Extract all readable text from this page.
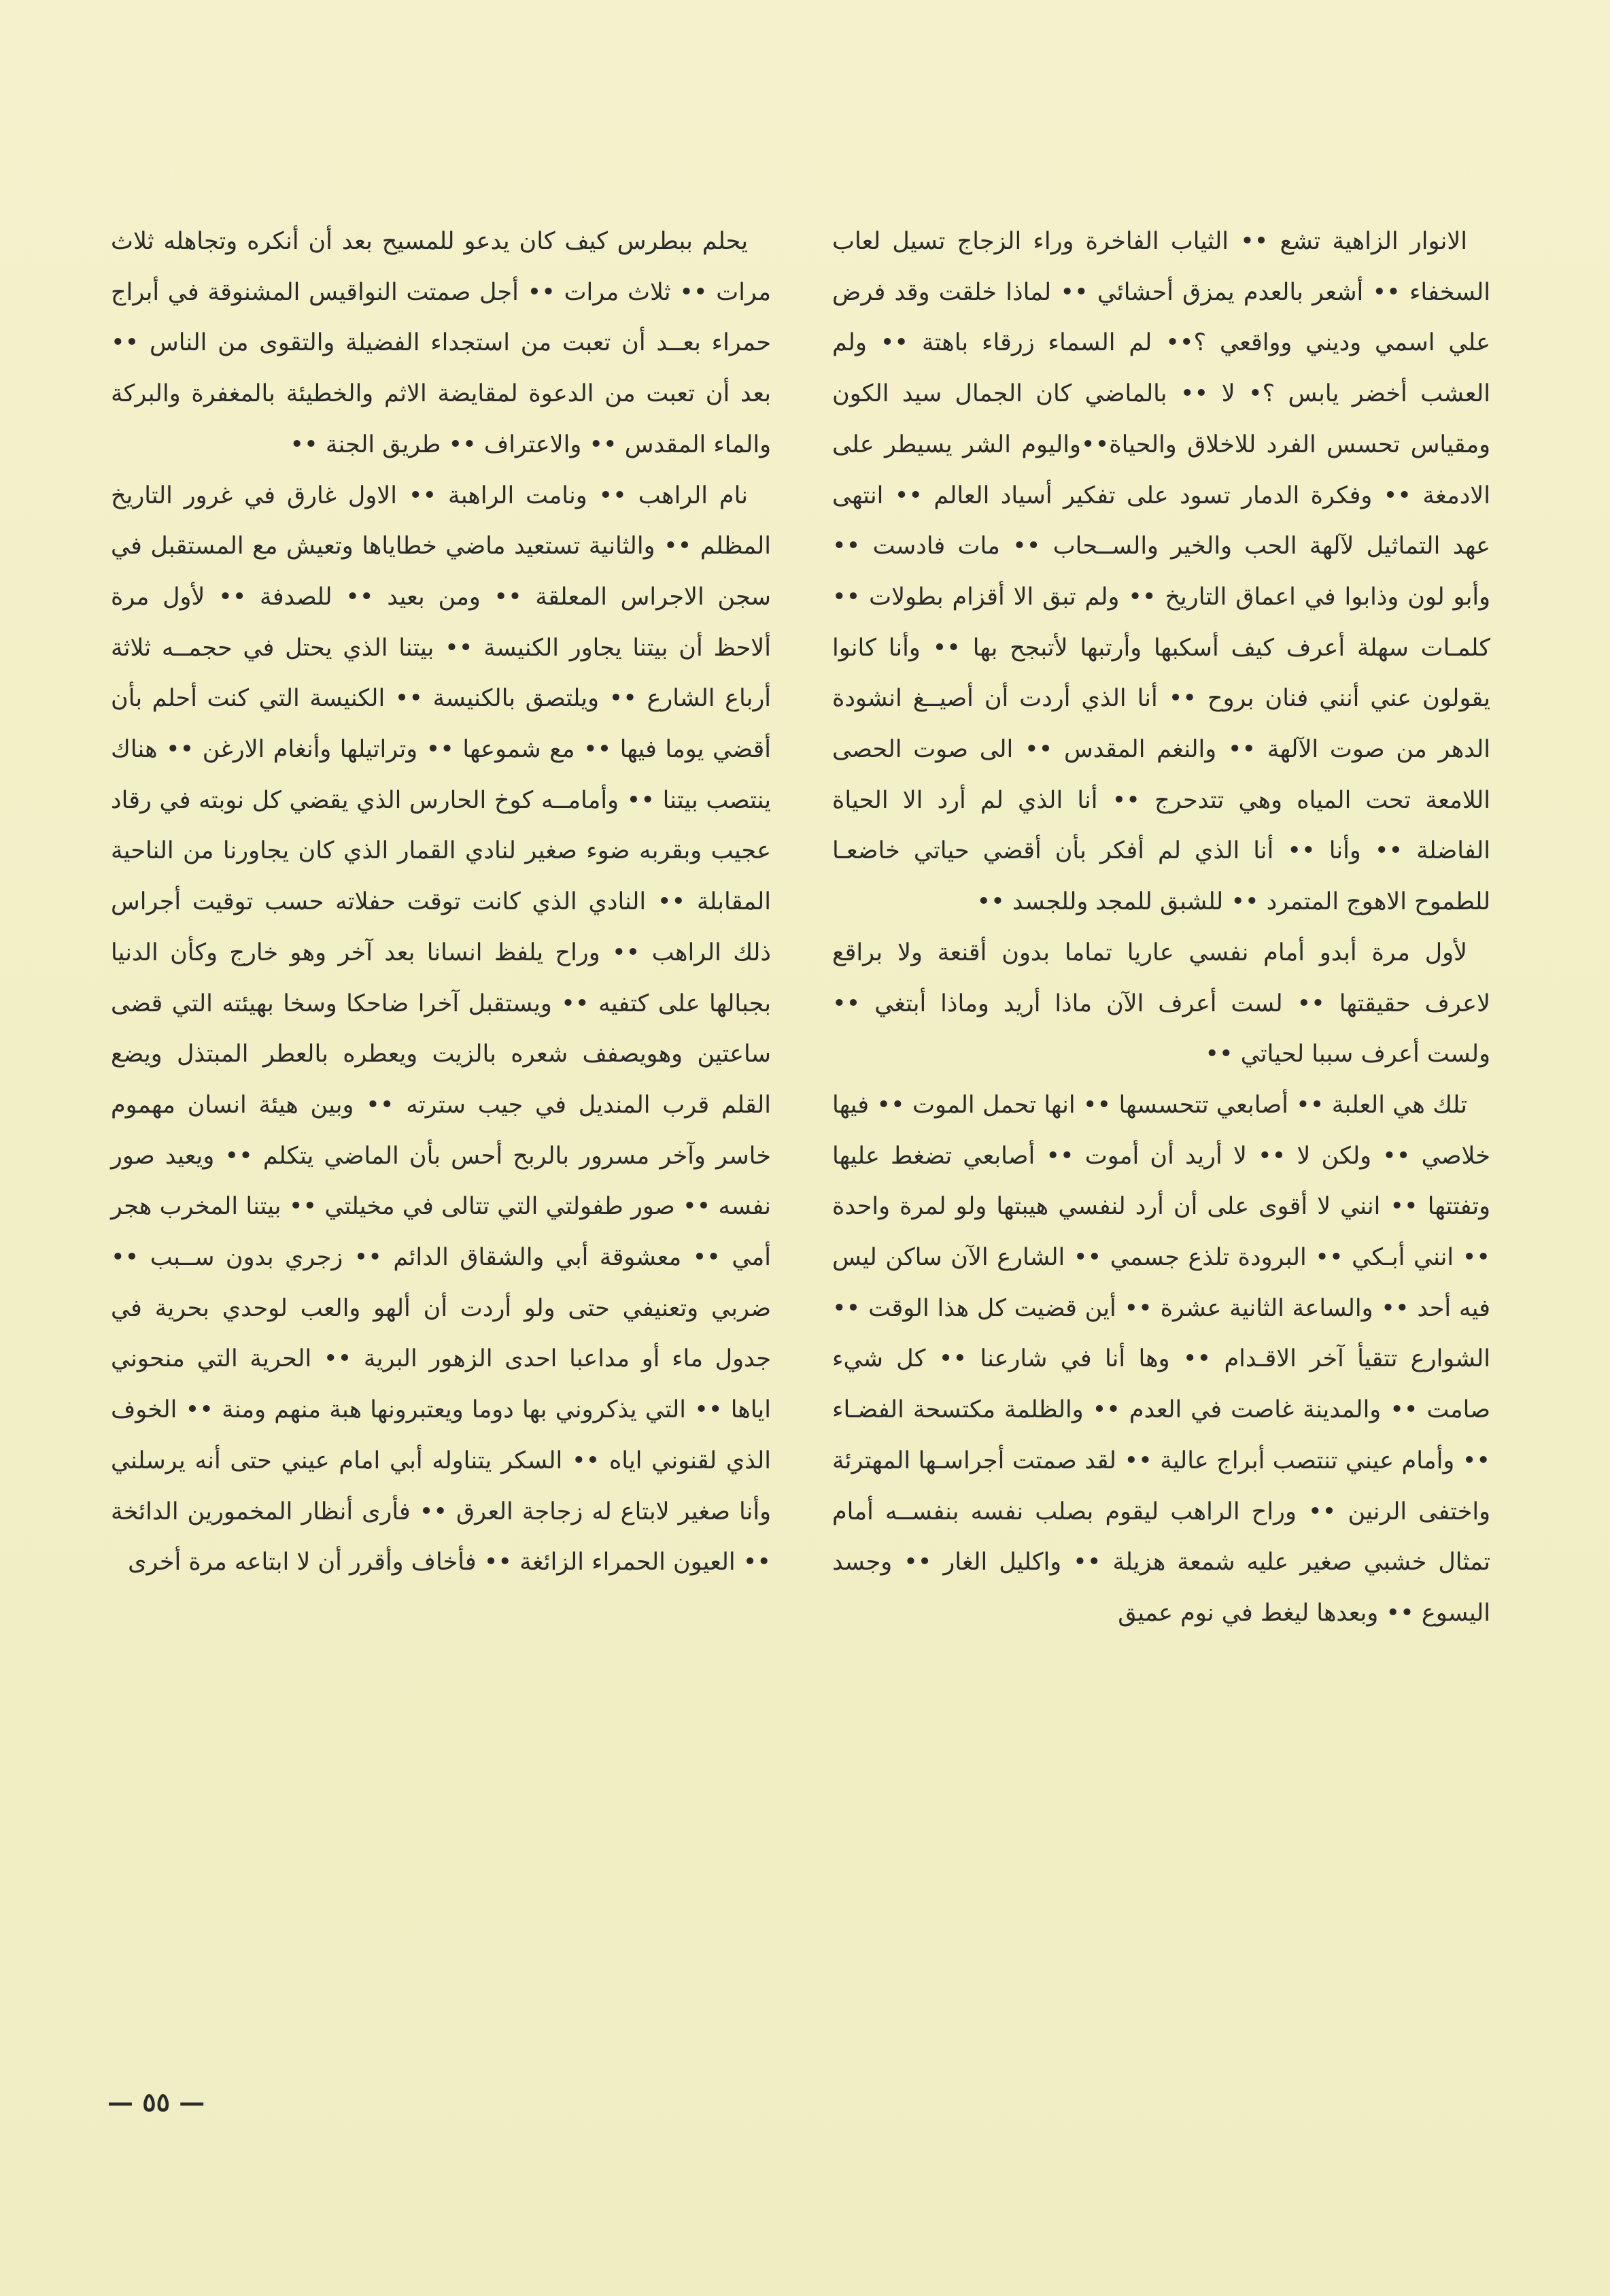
الانوار الزاهية تشع •• الثياب الفاخرة وراء الزجاج تسيل لعاب السخفاء •• أشعر بالعدم يمزق أحشائي •• لماذا خلقت وقد فرض علي اسمي وديني وواقعي ؟•• لم السماء زرقاء باهتة •• ولم العشب أخضر يابس ؟• لا •• بالماضي كان الجمال سيد الكون ومقياس تحسس الفرد للاخلاق والحياة••واليوم الشر يسيطر على الادمغة •• وفكرة الدمار تسود على تفكير أسياد العالم •• انتهى عهد التماثيل لآلهة الحب والخير والســحاب •• مات فادست •• وأبو لون وذابوا في اعماق التاريخ •• ولم تبق الا أقزام بطولات •• كلمـات سهلة أعرف كيف أسكبها وأرتبها لأتبجح بها •• وأنا كانوا يقولون عني أنني فنان بروح •• أنا الذي أردت أن أصيــغ انشودة الدهر من صوت الآلهة •• والنغم المقدس •• الى صوت الحصى اللامعة تحت المياه وهي تتدحرج •• أنا الذي لم أرد الا الحياة الفاضلة •• وأنا •• أنا الذي لم أفكر بأن أقضي حياتي خاضعـا للطموح الاهوج المتمرد •• للشبق للمجد وللجسد ••

لأول مرة أبدو أمام نفسي عاريا تماما بدون أقنعة ولا براقع لاعرف حقيقتها •• لست أعرف الآن ماذا أريد وماذا أبتغي •• ولست أعرف سببا لحياتي ••

تلك هي العلبة •• أصابعي تتحسسها •• انها تحمل الموت •• فيها خلاصي •• ولكن لا •• لا أريد أن أموت •• أصابعي تضغط عليها وتفتتها •• انني لا أقوى على أن أرد لنفسي هيبتها ولو لمرة واحدة •• انني أبـكي •• البرودة تلذع جسمي •• الشارع الآن ساكن ليس فيه أحد •• والساعة الثانية عشرة •• أين قضيت كل هذا الوقت •• الشوارع تتقيأ آخر الاقـدام •• وها أنا في شارعنا •• كل شيء صامت •• والمدينة غاصت في العدم •• والظلمة مكتسحة الفضـاء •• وأمام عيني تنتصب أبراج عالية •• لقد صمتت أجراسـها المهترئة واختفى الرنين •• وراح الراهب ليقوم بصلب نفسه بنفســه أمام تمثال خشبي صغير عليه شمعة هزيلة •• واكليل الغار •• وجسد اليسوع •• وبعدها ليغط في نوم عميق

يحلم ببطرس كيف كان يدعو للمسيح بعد أن أنكره وتجاهله ثلاث مرات •• ثلاث مرات •• أجل صمتت النواقيس المشنوقة في أبراج حمراء بعــد أن تعبت من استجداء الفضيلة والتقوى من الناس •• بعد أن تعبت من الدعوة لمقايضة الاثم والخطيئة بالمغفرة والبركة والماء المقدس •• والاعتراف •• طريق الجنة ••

نام الراهب •• ونامت الراهبة •• الاول غارق في غرور التاريخ المظلم •• والثانية تستعيد ماضي خطاياها وتعيش مع المستقبل في سجن الاجراس المعلقة •• ومن بعيد •• للصدفة •• لأول مرة ألاحظ أن بيتنا يجاور الكنيسة •• بيتنا الذي يحتل في حجمــه ثلاثة أرباع الشارع •• ويلتصق بالكنيسة •• الكنيسة التي كنت أحلم بأن أقضي يوما فيها •• مع شموعها •• وتراتيلها وأنغام الارغن •• هناك ينتصب بيتنا •• وأمامــه كوخ الحارس الذي يقضي كل نوبته في رقاد عجيب وبقربه ضوء صغير لنادي القمار الذي كان يجاورنا من الناحية المقابلة •• النادي الذي كانت توقت حفلاته حسب توقيت أجراس ذلك الراهب •• وراح يلفظ انسانا بعد آخر وهو خارج وكأن الدنيا بجبالها على كتفيه •• ويستقبل آخرا ضاحكا وسخا بهيئته التي قضى ساعتين وهويصفف شعره بالزيت ويعطره بالعطر المبتذل ويضع القلم قرب المنديل في جيب سترته •• وبين هيئة انسان مهموم خاسر وآخر مسرور بالربح أحس بأن الماضي يتكلم •• ويعيد صور نفسه •• صور طفولتي التي تتالى في مخيلتي •• بيتنا المخرب هجر أمي •• معشوقة أبي والشقاق الدائم •• زجري بدون ســبب •• ضربي وتعنيفي حتى ولو أردت أن ألهو والعب لوحدي بحرية في جدول ماء أو مداعبا احدى الزهور البرية •• الحرية التي منحوني اياها •• التي يذكروني بها دوما ويعتبرونها هبة منهم ومنة •• الخوف الذي لقنوني اياه •• السكر يتناوله أبي امام عيني حتى أنه يرسلني وأنا صغير لابتاع له زجاجة العرق •• فأرى أنظار المخمورين الدائخة •• العيون الحمراء الزائغة •• فأخاف وأقرر أن لا ابتاعه مرة أخرى

— ٥٥ —
